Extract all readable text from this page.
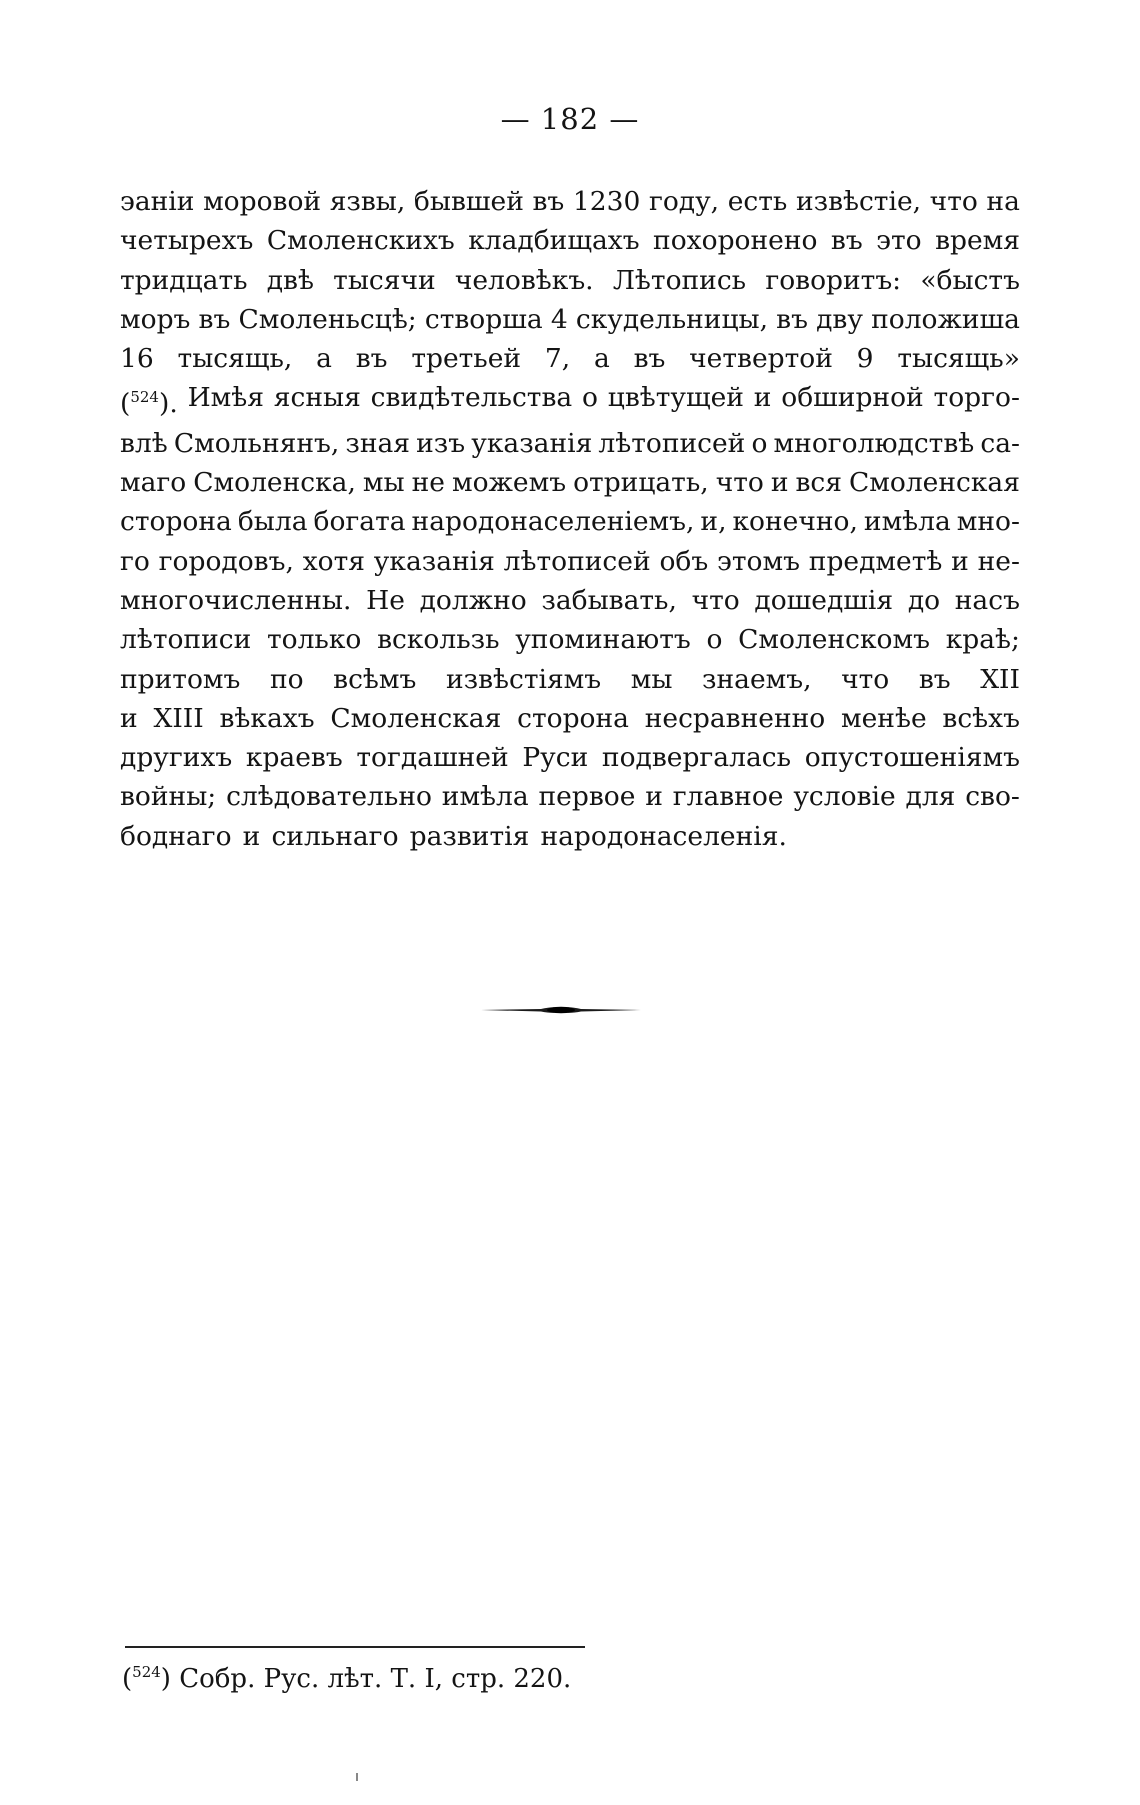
— 182 —
эаніи моровой язвы, бывшей въ 1230 году, есть извѣстіе, что на
четырехъ Смоленскихъ кладбищахъ похоронено въ это время
тридцать двѣ тысячи человѣкъ. Лѣтопись говоритъ: «быстъ
моръ въ Смоленьсцѣ; створша 4 скудельницы, въ дву положиша
16 тысящь, а въ третьей 7, а въ четвертой 9 тысящь»
($^{524}$). Имѣя ясныя свидѣтельства о цвѣтущей и обширной торго-
влѣ Смольнянъ, зная изъ указанія лѣтописей о многолюдствѣ са-
маго Смоленска, мы не можемъ отрицать, что и вся Смоленская
сторона была богата народонаселеніемъ, и, конечно, имѣла мно-
го городовъ, хотя указанія лѣтописей объ этомъ предметѣ и не-
многочисленны. Не должно забывать, что дошедшія до насъ
лѣтописи только вскользь упоминаютъ о Смоленскомъ краѣ;
притомъ по всѣмъ извѣстіямъ мы знаемъ, что въ XII
и XIII вѣкахъ Смоленская сторона несравненно менѣе всѣхъ
другихъ краевъ тогдашней Руси подвергалась опустошеніямъ
войны; слѣдовательно имѣла первое и главное условіе для сво-
боднаго и сильнаго развитія народонаселенія.
($^{524}$) Собр. Рус. лѣт. Т. I, стр. 220.
